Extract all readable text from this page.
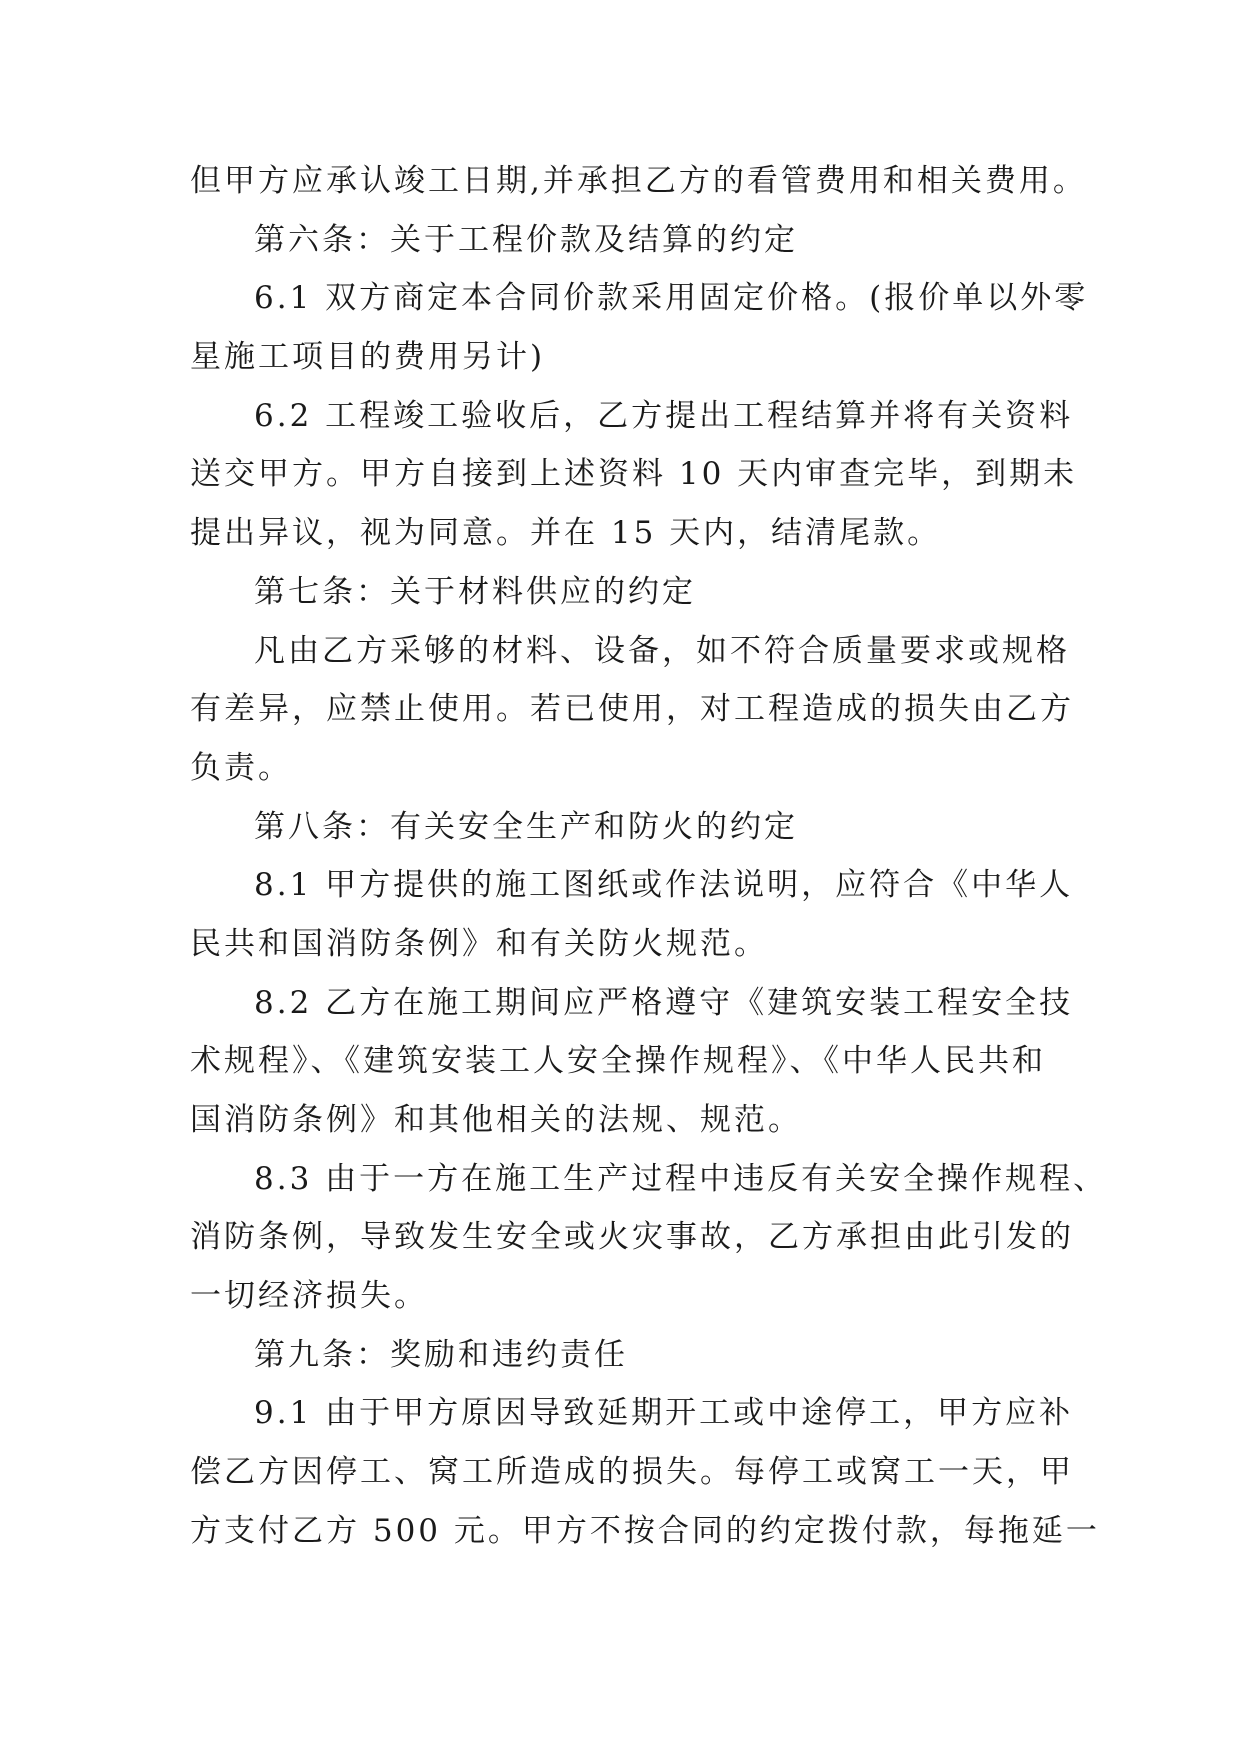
但甲方应承认竣工日期,并承担乙方的看管费用和相关费用。
第六条：关于工程价款及结算的约定
6.1 双方商定本合同价款采用固定价格。(报价单以外零
星施工项目的费用另计)
6.2 工程竣工验收后，乙方提出工程结算并将有关资料
送交甲方。甲方自接到上述资料 10 天内审查完毕，到期未
提出异议，视为同意。并在 15 天内，结清尾款。
第七条：关于材料供应的约定
凡由乙方采够的材料、设备，如不符合质量要求或规格
有差异，应禁止使用。若已使用，对工程造成的损失由乙方
负责。
第八条：有关安全生产和防火的约定
8.1 甲方提供的施工图纸或作法说明，应符合《中华人
民共和国消防条例》和有关防火规范。
8.2 乙方在施工期间应严格遵守《建筑安装工程安全技
术规程》、《建筑安装工人安全操作规程》、《中华人民共和
国消防条例》和其他相关的法规、规范。
8.3 由于一方在施工生产过程中违反有关安全操作规程、
消防条例，导致发生安全或火灾事故，乙方承担由此引发的
一切经济损失。
第九条：奖励和违约责任
9.1 由于甲方原因导致延期开工或中途停工，甲方应补
偿乙方因停工、窝工所造成的损失。每停工或窝工一天，甲
方支付乙方 500 元。甲方不按合同的约定拨付款，每拖延一
